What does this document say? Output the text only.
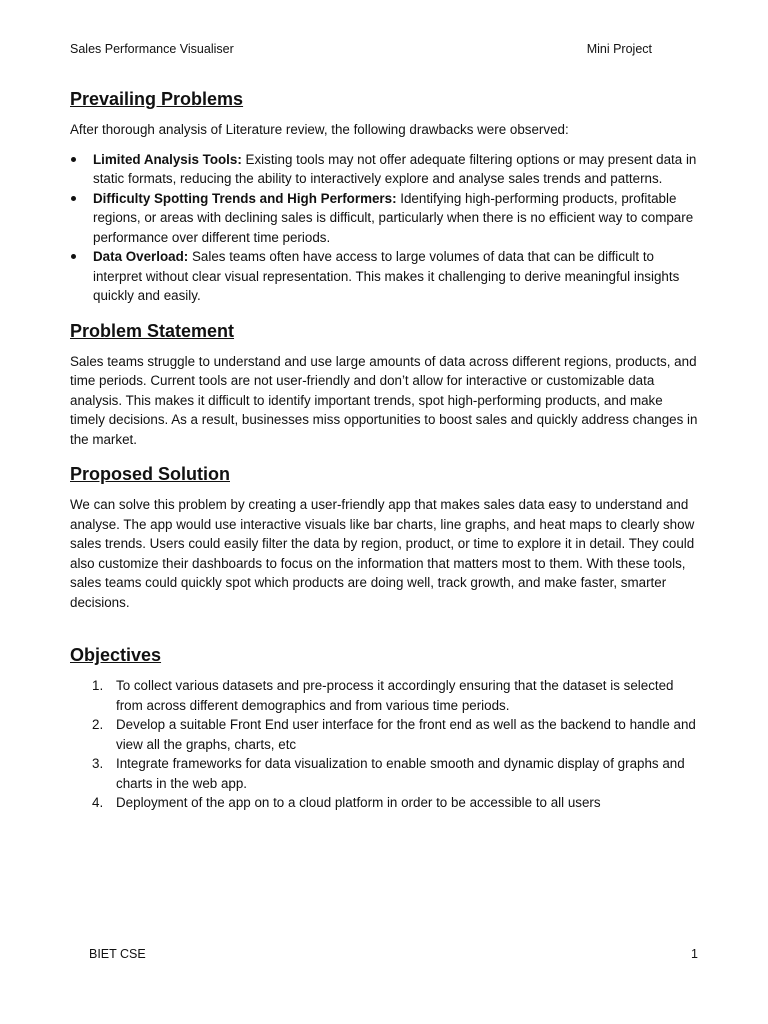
Sales Performance Visualiser	Mini Project
Prevailing Problems

After thorough analysis of Literature review, the following drawbacks were observed:

Limited Analysis Tools: Existing tools may not offer adequate filtering options or may present data in static formats, reducing the ability to interactively explore and analyse sales trends and patterns.
Difficulty Spotting Trends and High Performers: Identifying high-performing products, profitable regions, or areas with declining sales is difficult, particularly when there is no efficient way to compare performance over different time periods.
Data Overload: Sales teams often have access to large volumes of data that can be difficult to interpret without clear visual representation. This makes it challenging to derive meaningful insights quickly and easily.
Problem Statement

Sales teams struggle to understand and use large amounts of data across different regions, products, and time periods. Current tools are not user-friendly and don’t allow for interactive or customizable data analysis. This makes it difficult to identify important trends, spot high-performing products, and make timely decisions. As a result, businesses miss opportunities to boost sales and quickly address changes in the market.

Proposed Solution

We can solve this problem by creating a user-friendly app that makes sales data easy to understand and analyse. The app would use interactive visuals like bar charts, line graphs, and heat maps to clearly show sales trends. Users could easily filter the data by region, product, or time to explore it in detail. They could also customize their dashboards to focus on the information that matters most to them. With these tools, sales teams could quickly spot which products are doing well, track growth, and make faster, smarter decisions.

Objectives
1. To collect various datasets and pre-process it accordingly ensuring that the dataset is selected from across different demographics and from various time periods.
2. Develop a suitable Front End user interface for the front end as well as the backend to handle and view all the graphs, charts, etc
3. Integrate frameworks for data visualization to enable smooth and dynamic display of graphs and charts in the web app.
4. Deployment of the app on to a cloud platform in order to be accessible to all users
BIET CSE	1
